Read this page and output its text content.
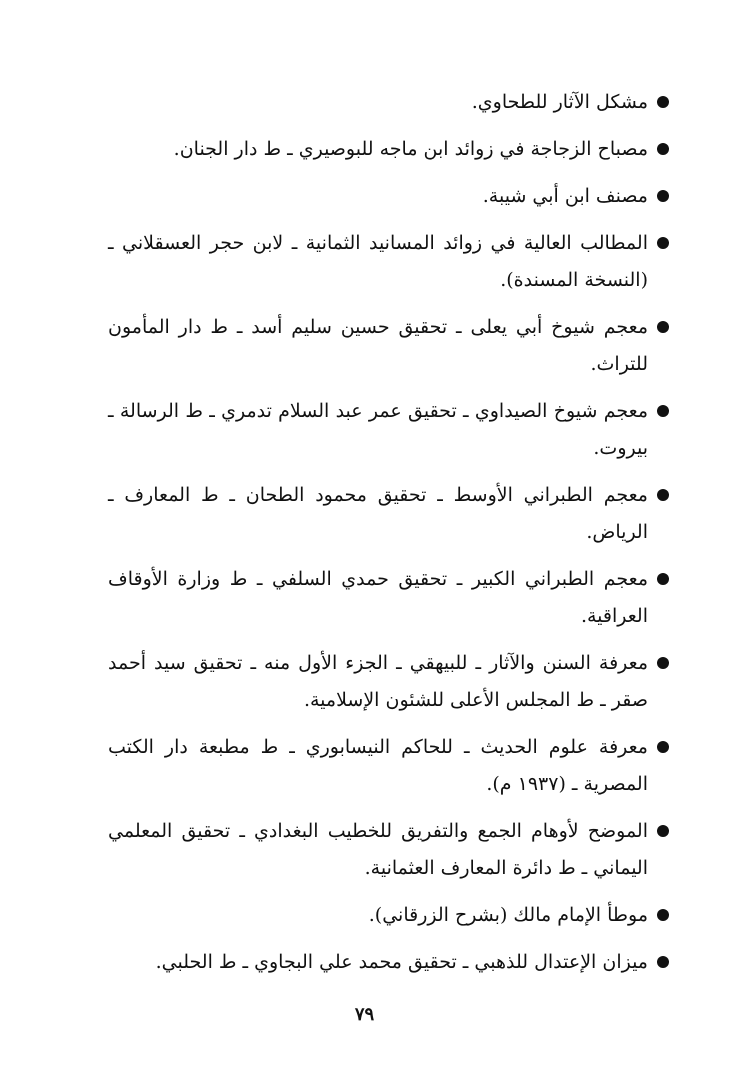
مشكل الآثار للطحاوي.
مصباح الزجاجة في زوائد ابن ماجه للبوصيري ـ ط دار الجنان.
مصنف ابن أبي شيبة.
المطالب العالية في زوائد المسانيد الثمانية ـ لابن حجر العسقلاني ـ (النسخة المسندة).
معجم شيوخ أبي يعلى ـ تحقيق حسين سليم أسد ـ ط دار المأمون للتراث.
معجم شيوخ الصيداوي ـ تحقيق عمر عبد السلام تدمري ـ ط الرسالة ـ بيروت.
معجم الطبراني الأوسط ـ تحقيق محمود الطحان ـ ط المعارف ـ الرياض.
معجم الطبراني الكبير ـ تحقيق حمدي السلفي ـ ط وزارة الأوقاف العراقية.
معرفة السنن والآثار ـ للبيهقي ـ الجزء الأول منه ـ تحقيق سيد أحمد صقر ـ ط المجلس الأعلى للشئون الإسلامية.
معرفة علوم الحديث ـ للحاكم النيسابوري ـ ط مطبعة دار الكتب المصرية ـ (١٩٣٧ م).
الموضح لأوهام الجمع والتفريق للخطيب البغدادي ـ تحقيق المعلمي اليماني ـ ط دائرة المعارف العثمانية.
موطأ الإمام مالك (بشرح الزرقاني).
ميزان الإعتدال للذهبي ـ تحقيق محمد علي البجاوي ـ ط الحلبي.
٧٩
